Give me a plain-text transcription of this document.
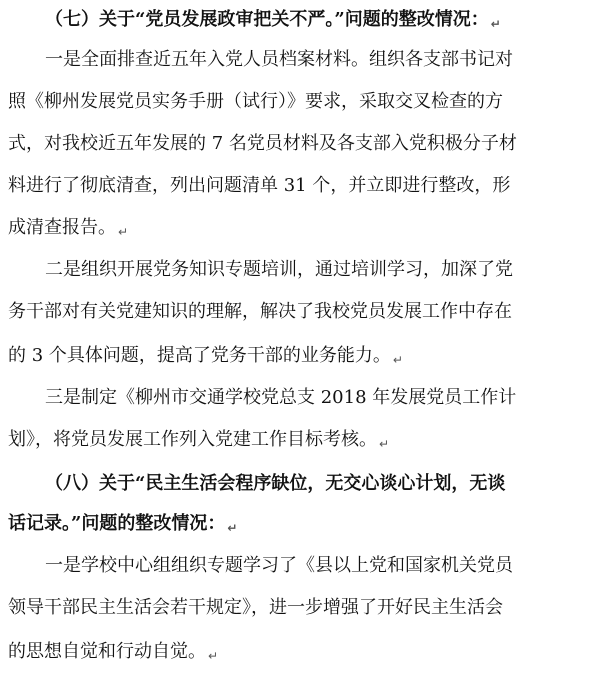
（七）关于“党员发展政审把关不严。”问题的整改情况： ↵
一是全面排查近五年入党人员档案材料。组织各支部书记对
照《柳州发展党员实务手册（试行）》要求，采取交叉检查的方
式，对我校近五年发展的 7 名党员材料及各支部入党积极分子材
料进行了彻底清查，列出问题清单 31 个，并立即进行整改，形
成清查报告。 ↵
二是组织开展党务知识专题培训，通过培训学习，加深了党
务干部对有关党建知识的理解，解决了我校党员发展工作中存在
的 3 个具体问题，提高了党务干部的业务能力。 ↵
三是制定《柳州市交通学校党总支 2018 年发展党员工作计
划》，将党员发展工作列入党建工作目标考核。 ↵
（八）关于“民主生活会程序缺位，无交心谈心计划，无谈
话记录。”问题的整改情况： ↵
一是学校中心组组织专题学习了《县以上党和国家机关党员
领导干部民主生活会若干规定》，进一步增强了开好民主生活会
的思想自觉和行动自觉。 ↵
